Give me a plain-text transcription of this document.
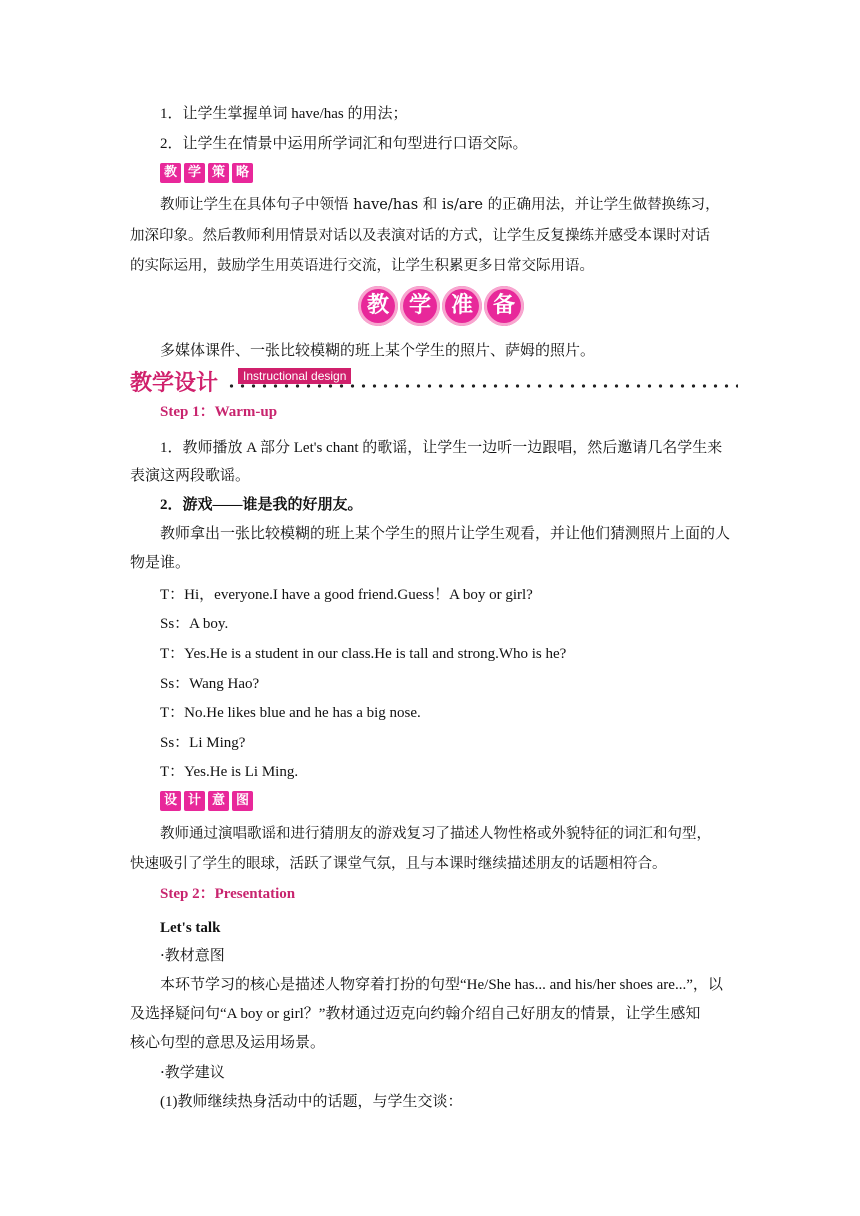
1．让学生掌握单词 have/has 的用法；
2．让学生在情景中运用所学词汇和句型进行口语交际。
教 学 策 略
教师让学生在具体句子中领悟 have/has 和 is/are 的正确用法，并让学生做替换练习，
加深印象。然后教师利用情景对话以及表演对话的方式，让学生反复操练并感受本课时对话
的实际运用，鼓励学生用英语进行交流，让学生积累更多日常交际用语。
教 学 准 备
多媒体课件、一张比较模糊的班上某个学生的照片、萨姆的照片。
教学设计	Instructional design
Step 1：Warm-up
1．教师播放 A 部分 Let's chant 的歌谣，让学生一边听一边跟唱，然后邀请几名学生来
表演这两段歌谣。
2．游戏——谁是我的好朋友。
教师拿出一张比较模糊的班上某个学生的照片让学生观看，并让他们猜测照片上面的人
物是谁。
T：Hi，everyone.I have a good friend.Guess！A boy or girl?
Ss：A boy.
T：Yes.He is a student in our class.He is tall and strong.Who is he?
Ss：Wang Hao?
T：No.He likes blue and he has a big nose.
Ss：Li Ming?
T：Yes.He is Li Ming.
设 计 意 图
教师通过演唱歌谣和进行猜朋友的游戏复习了描述人物性格或外貌特征的词汇和句型，
快速吸引了学生的眼球，活跃了课堂气氛，且与本课时继续描述朋友的话题相符合。
Step 2：Presentation
Let's talk
·教材意图
本环节学习的核心是描述人物穿着打扮的句型“He/She has... and his/her shoes are...”，以
及选择疑问句“A boy or girl？”教材通过迈克向约翰介绍自己好朋友的情景，让学生感知
核心句型的意思及运用场景。
·教学建议
(1)教师继续热身活动中的话题，与学生交谈：
